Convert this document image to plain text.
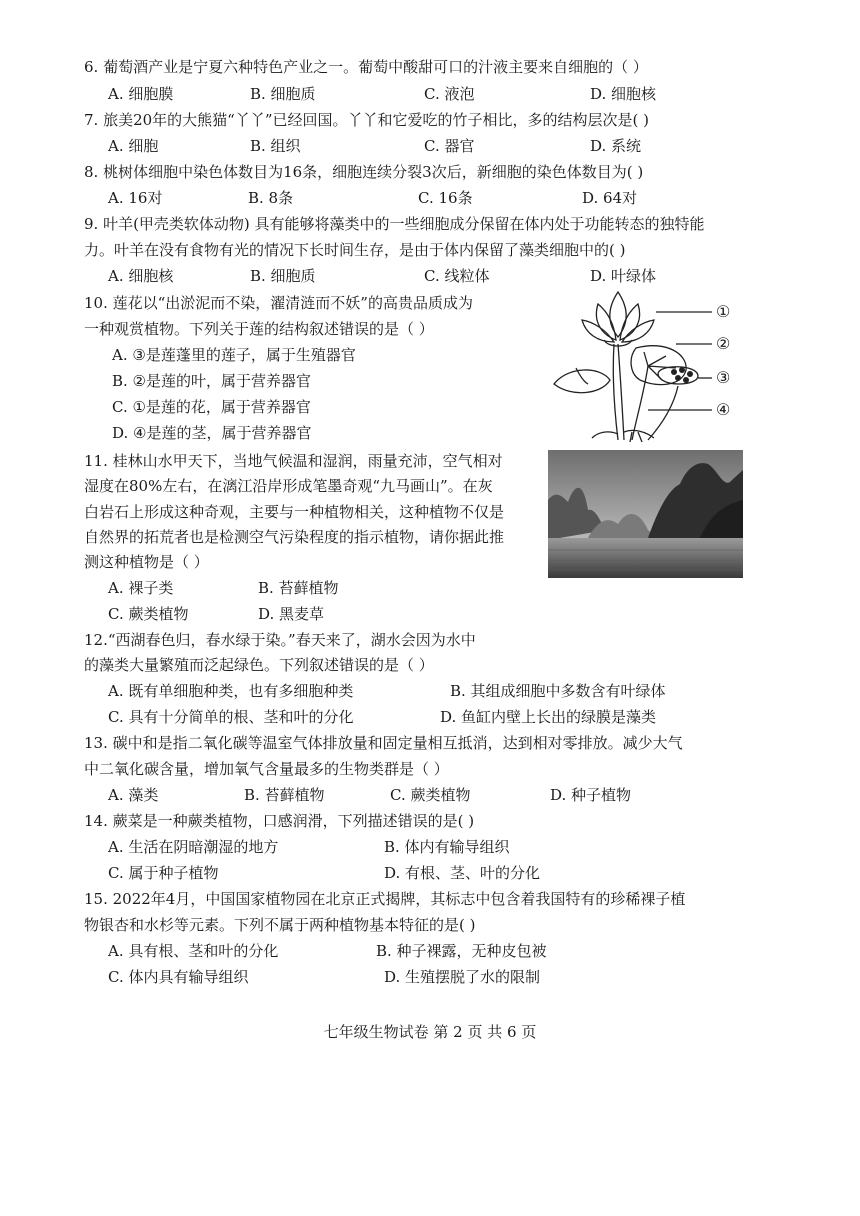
6. 葡萄酒产业是宁夏六种特色产业之一。葡萄中酸甜可口的汁液主要来自细胞的（ ）
A. 细胞膜	B. 细胞质	C. 液泡	D. 细胞核
7. 旅美20年的大熊猫“丫丫”已经回国。丫丫和它爱吃的竹子相比，多的结构层次是( )
A. 细胞	B. 组织	C. 器官	D. 系统
8. 桃树体细胞中染色体数目为16条，细胞连续分裂3次后，新细胞的染色体数目为( )
A. 16对	B. 8条	C. 16条	D. 64对
9. 叶羊(甲壳类软体动物) 具有能够将藻类中的一些细胞成分保留在体内处于功能转态的独特能
力。叶羊在没有食物有光的情况下长时间生存，是由于体内保留了藻类细胞中的( )
A. 细胞核	B. 细胞质	C. 线粒体	D. 叶绿体
10. 莲花以“出淤泥而不染，濯清涟而不妖”的高贵品质成为
一种观赏植物。下列关于莲的结构叙述错误的是（ ）
A. ③是莲蓬里的莲子，属于生殖器官
B. ②是莲的叶，属于营养器官
C. ①是莲的花，属于营养器官
D. ④是莲的茎，属于营养器官
①
②
③
④
11. 桂林山水甲天下，当地气候温和湿润，雨量充沛，空气相对
湿度在80%左右，在漓江沿岸形成笔墨奇观“九马画山”。在灰
白岩石上形成这种奇观，主要与一种植物相关，这种植物不仅是
自然界的拓荒者也是检测空气污染程度的指示植物，请你据此推
测这种植物是（ ）
A. 裸子类	B. 苔藓植物
C. 蕨类植物	D. 黑麦草
12.“西湖春色归，春水绿于染。”春天来了，湖水会因为水中
的藻类大量繁殖而泛起绿色。下列叙述错误的是（ ）
A. 既有单细胞种类，也有多细胞种类	B. 其组成细胞中多数含有叶绿体
C. 具有十分简单的根、茎和叶的分化	D. 鱼缸内壁上长出的绿膜是藻类
13. 碳中和是指二氧化碳等温室气体排放量和固定量相互抵消，达到相对零排放。减少大气
中二氧化碳含量，增加氧气含量最多的生物类群是（ ）
A. 藻类	B. 苔藓植物	C. 蕨类植物	D. 种子植物
14. 蕨菜是一种蕨类植物，口感润滑，下列描述错误的是( )
A. 生活在阴暗潮湿的地方	B. 体内有输导组织
C. 属于种子植物	D. 有根、茎、叶的分化
15. 2022年4月，中国国家植物园在北京正式揭牌，其标志中包含着我国特有的珍稀裸子植
物银杏和水杉等元素。下列不属于两种植物基本特征的是( )
A. 具有根、茎和叶的分化	B. 种子裸露，无种皮包被
C. 体内具有输导组织	D. 生殖摆脱了水的限制
七年级生物试卷 第 2 页 共 6 页
